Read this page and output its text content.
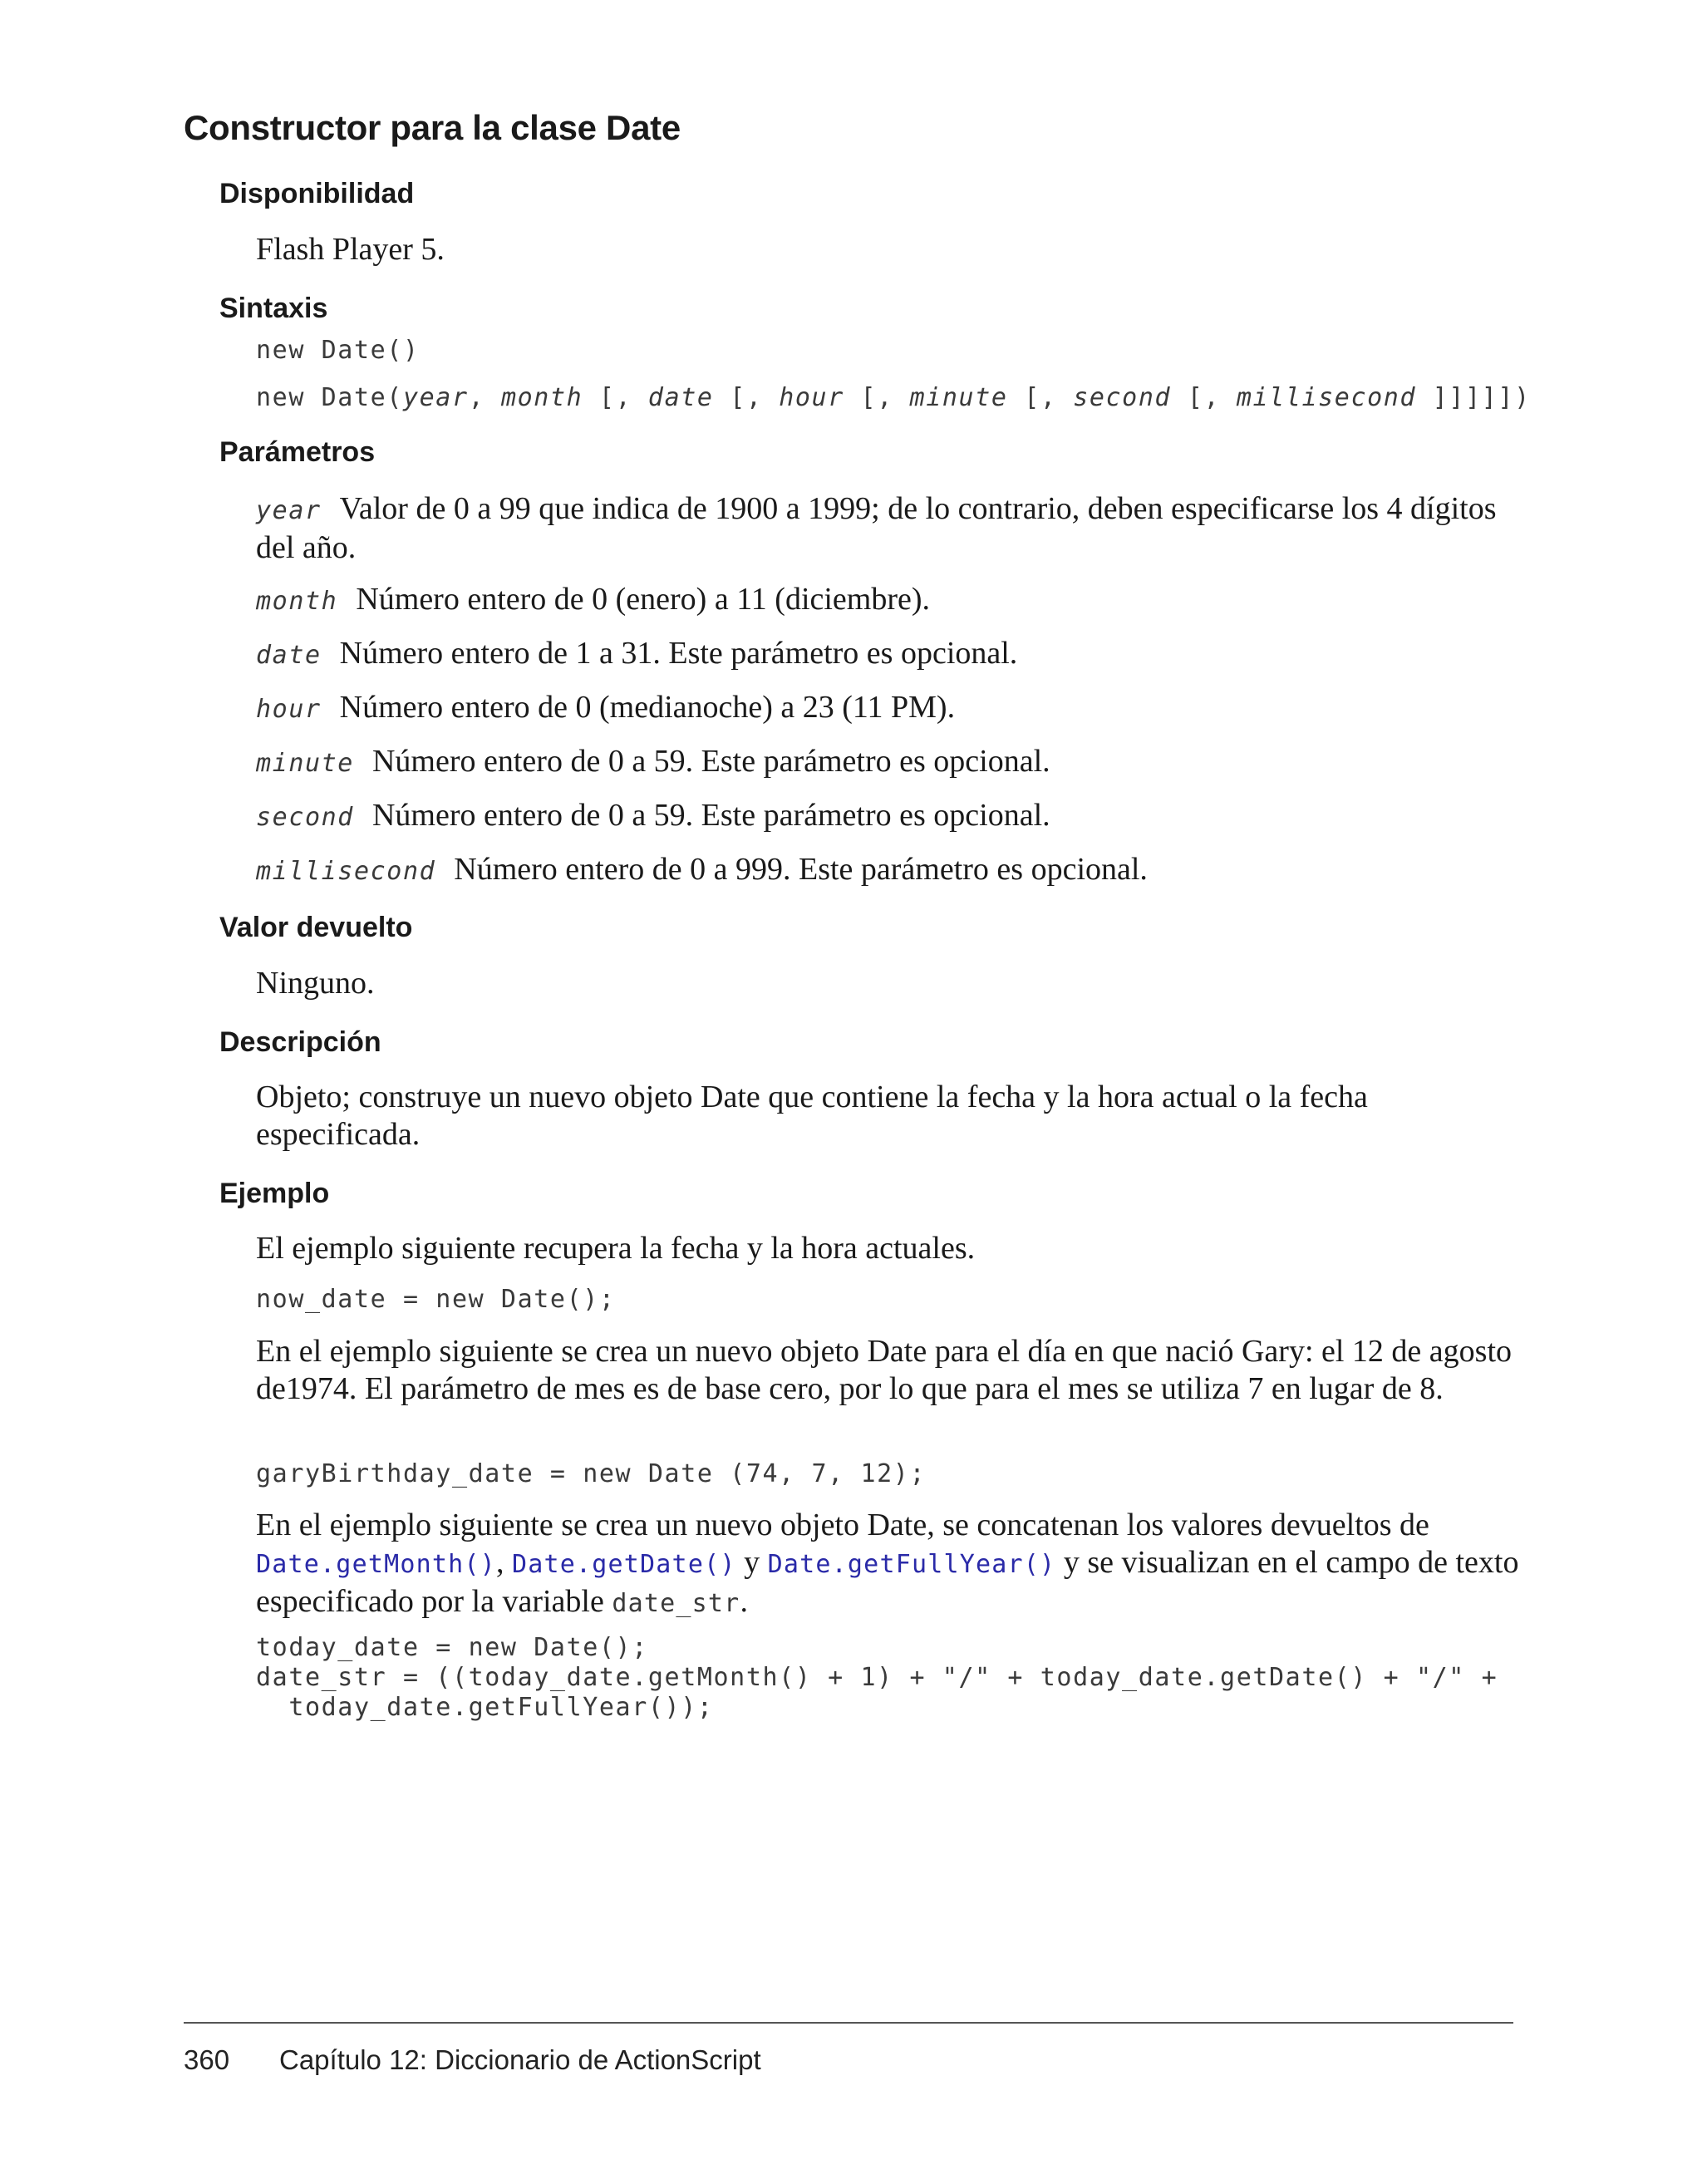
Constructor para la clase Date
Disponibilidad

Flash Player 5.

Sintaxis
new Date()
new Date(year, month [, date [, hour [, minute [, second [, millisecond ]]]]])
Parámetros

year Valor de 0 a 99 que indica de 1900 a 1999; de lo contrario, deben especificarse los 4 dígitos del año.

month Número entero de 0 (enero) a 11 (diciembre).

date Número entero de 1 a 31. Este parámetro es opcional.

hour Número entero de 0 (medianoche) a 23 (11 PM).

minute Número entero de 0 a 59. Este parámetro es opcional.

second Número entero de 0 a 59. Este parámetro es opcional.

millisecond Número entero de 0 a 999. Este parámetro es opcional.

Valor devuelto

Ninguno.

Descripción

Objeto; construye un nuevo objeto Date que contiene la fecha y la hora actual o la fecha especificada.

Ejemplo

El ejemplo siguiente recupera la fecha y la hora actuales.

now_date = new Date();

En el ejemplo siguiente se crea un nuevo objeto Date para el día en que nació Gary: el 12 de agosto de1974. El parámetro de mes es de base cero, por lo que para el mes se utiliza 7 en lugar de 8.

garyBirthday_date = new Date (74, 7, 12);

En el ejemplo siguiente se crea un nuevo objeto Date, se concatenan los valores devueltos de Date.getMonth(), Date.getDate() y Date.getFullYear() y se visualizan en el campo de texto especificado por la variable date_str.

today_date = new Date();
date_str = ((today_date.getMonth() + 1) + "/" + today_date.getDate() + "/" +
today_date.getFullYear());
360 Capítulo 12: Diccionario de ActionScript
